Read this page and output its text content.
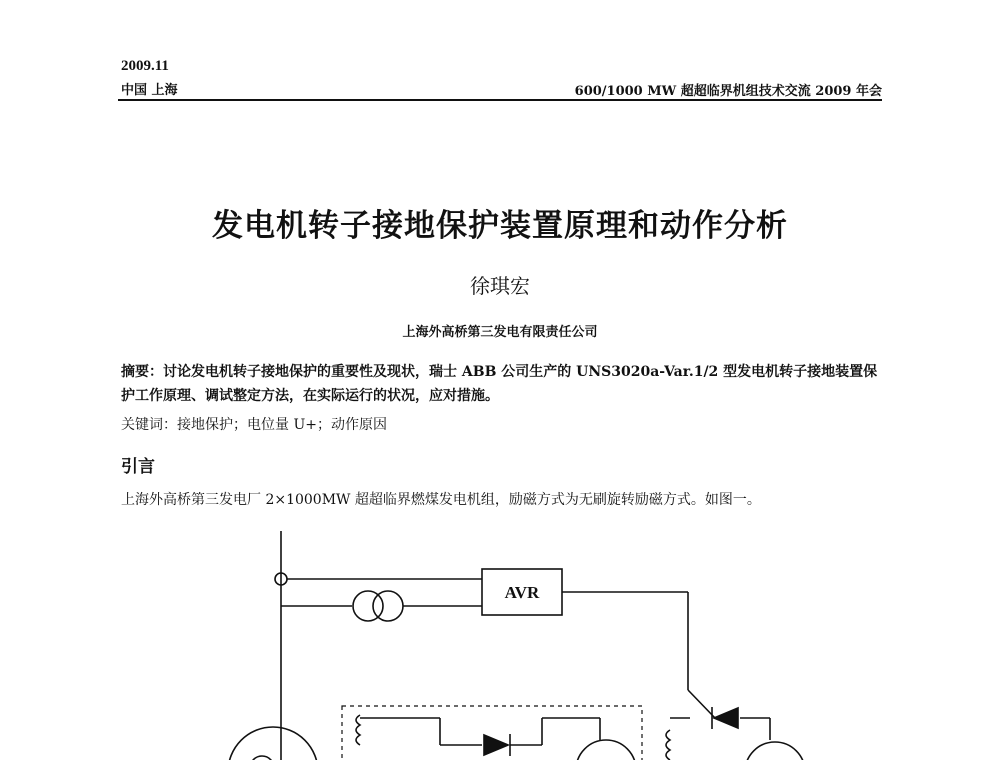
2009.11
中国 上海	600/1000 MW 超超临界机组技术交流 2009 年会
发电机转子接地保护装置原理和动作分析
徐琪宏
上海外高桥第三发电有限责任公司
摘要：讨论发电机转子接地保护的重要性及现状，瑞士 ABB 公司生产的 UNS3020a-Var.1/2 型发电机转子接地装置保护工作原理、调试整定方法，在实际运行的状况，应对措施。
关键词：接地保护；电位量 U+；动作原因
引言
上海外高桥第三发电厂 2×1000MW 超超临界燃煤发电机组，励磁方式为无刷旋转励磁方式。如图一。
AVR
